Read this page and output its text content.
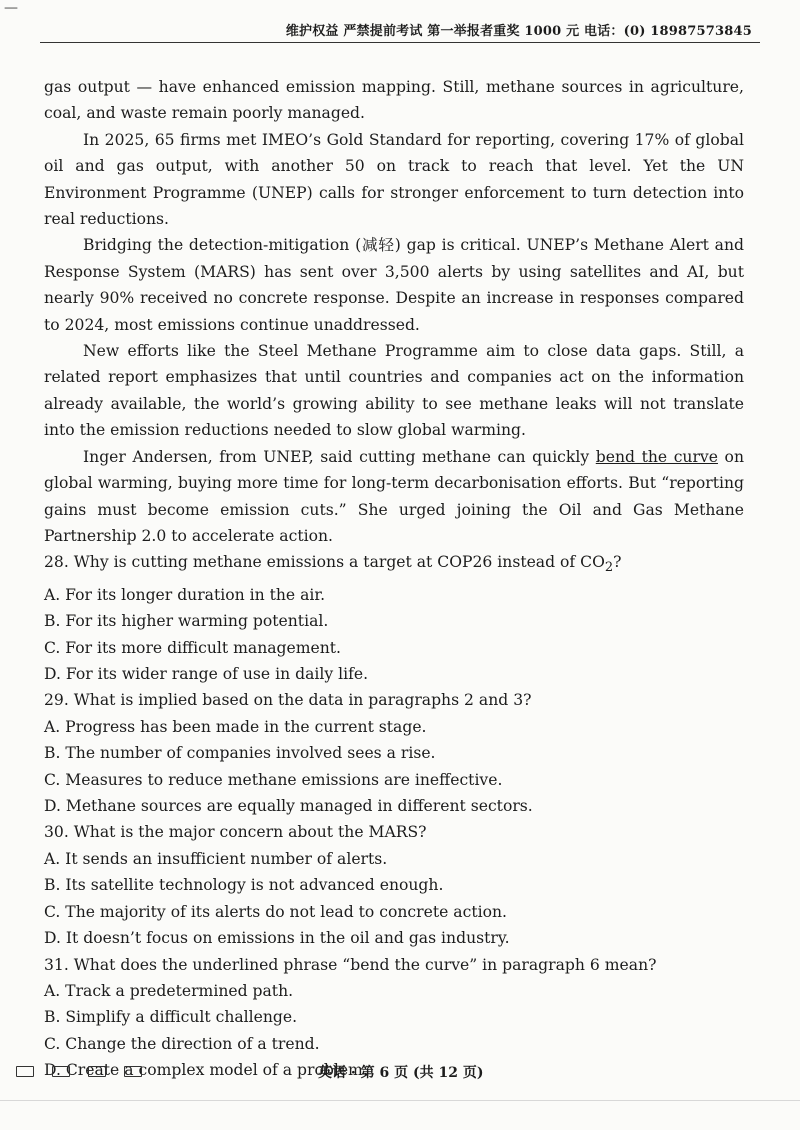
—
维护权益 严禁提前考试 第一举报者重奖 1000 元 电话：(0) 18987573845

gas output — have enhanced emission mapping. Still, methane sources in agriculture, coal, and waste remain poorly managed.

In 2025, 65 firms met IMEO’s Gold Standard for reporting, covering 17% of global oil and gas output, with another 50 on track to reach that level. Yet the UN Environment Programme (UNEP) calls for stronger enforcement to turn detection into real reductions.

Bridging the detection-mitigation (减轻) gap is critical. UNEP’s Methane Alert and Response System (MARS) has sent over 3,500 alerts by using satellites and AI, but nearly 90% received no concrete response. Despite an increase in responses compared to 2024, most emissions continue unaddressed.

New efforts like the Steel Methane Programme aim to close data gaps. Still, a related report emphasizes that until countries and companies act on the information already available, the world’s growing ability to see methane leaks will not translate into the emission reductions needed to slow global warming.

Inger Andersen, from UNEP, said cutting methane can quickly bend the curve on global warming, buying more time for long-term decarbonisation efforts. But “reporting gains must become emission cuts.” She urged joining the Oil and Gas Methane Partnership 2.0 to accelerate action.

28. Why is cutting methane emissions a target at COP26 instead of $CO_2$?

A. For its longer duration in the air.

B. For its higher warming potential.

C. For its more difficult management.

D. For its wider range of use in daily life.

29. What is implied based on the data in paragraphs 2 and 3?

A. Progress has been made in the current stage.

B. The number of companies involved sees a rise.

C. Measures to reduce methane emissions are ineffective.

D. Methane sources are equally managed in different sectors.

30. What is the major concern about the MARS?

A. It sends an insufficient number of alerts.

B. Its satellite technology is not advanced enough.

C. The majority of its alerts do not lead to concrete action.

D. It doesn’t focus on emissions in the oil and gas industry.

31. What does the underlined phrase “bend the curve” in paragraph 6 mean?

A. Track a predetermined path.

B. Simplify a difficult challenge.

C. Change the direction of a trend.

D. Create a complex model of a problem.

英语 · 第 6 页 (共 12 页)
